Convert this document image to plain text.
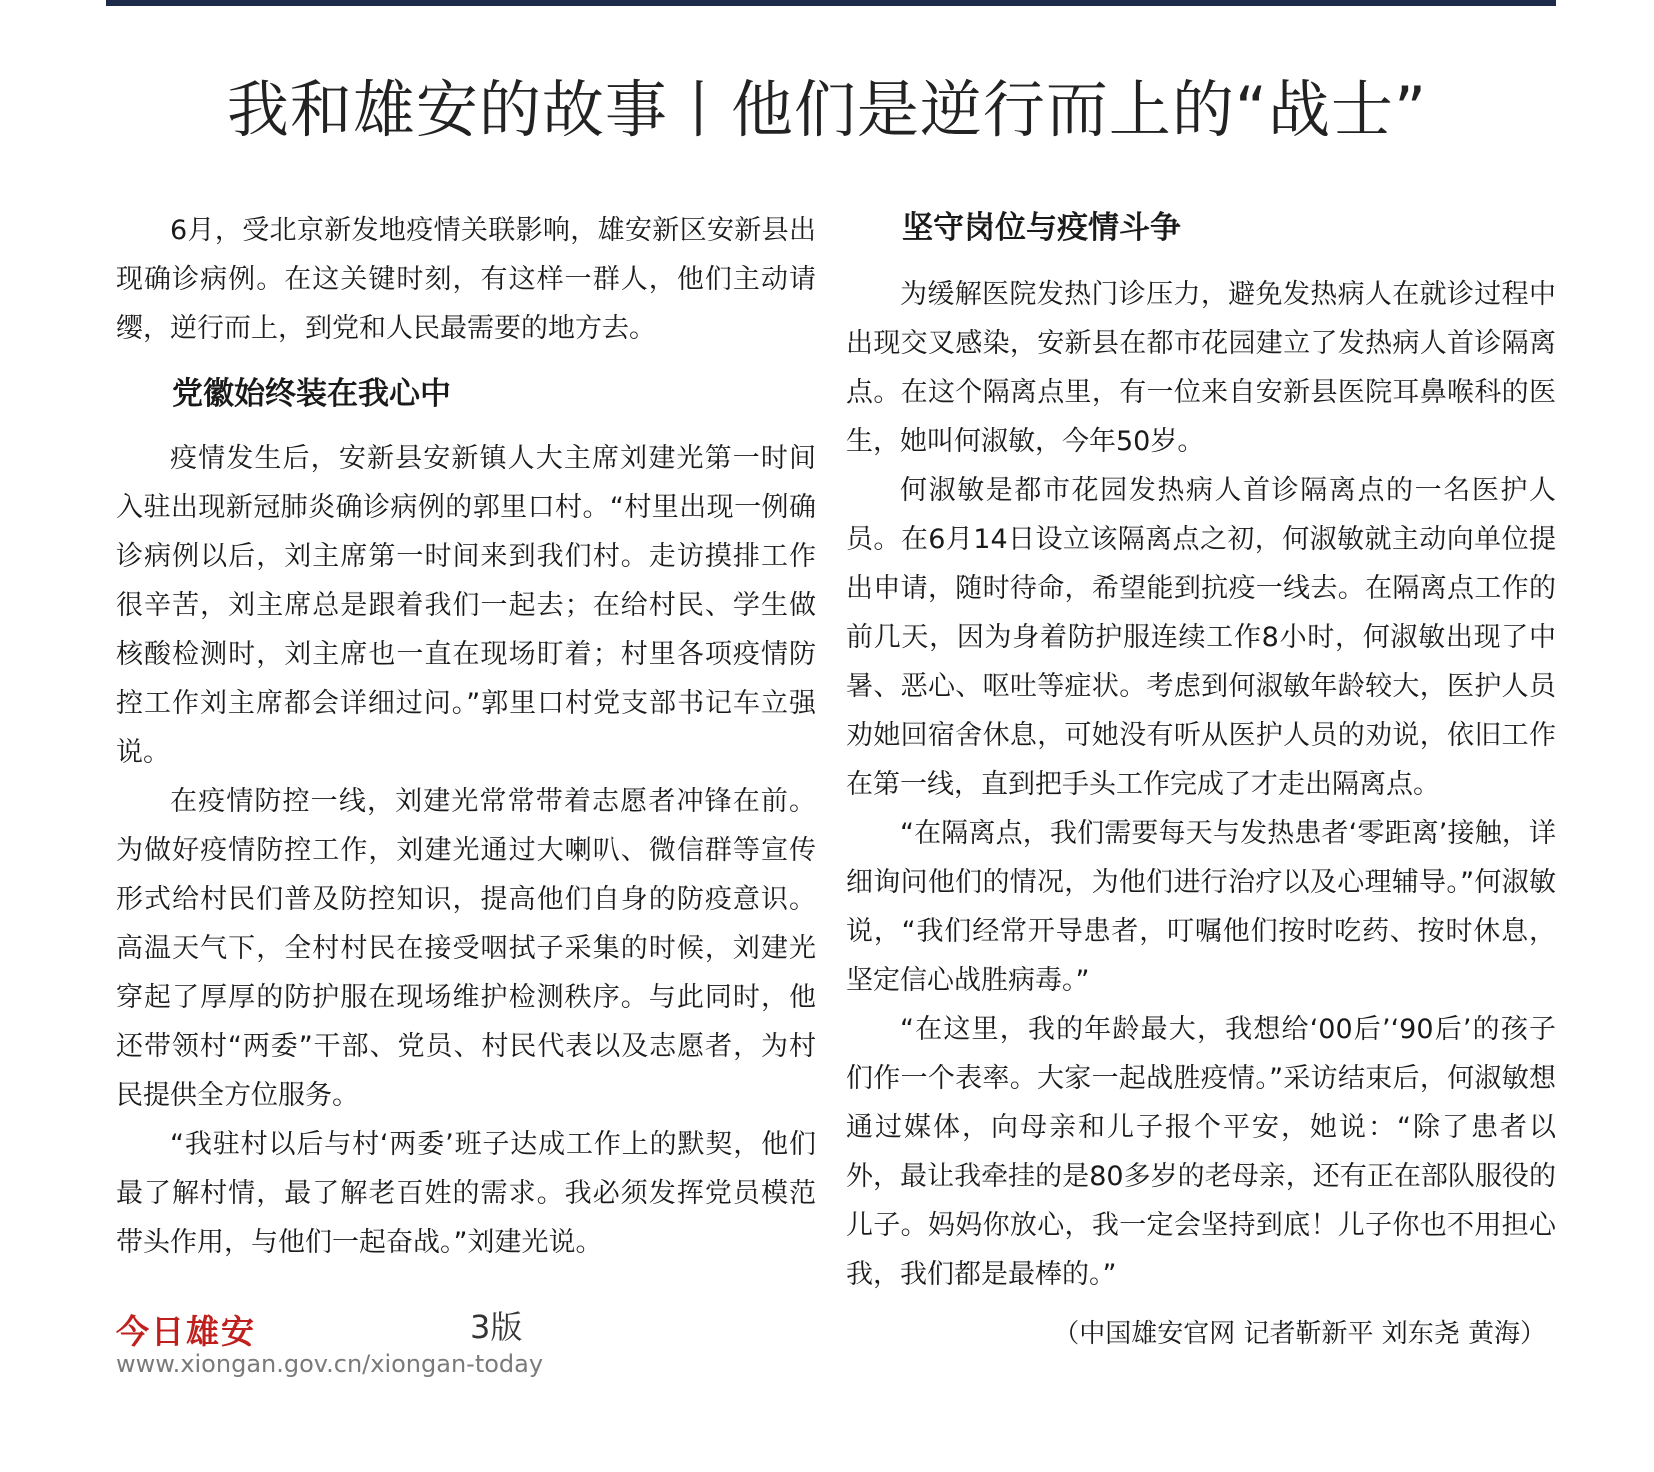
我和雄安的故事丨他们是逆行而上的“战士”

6月，受北京新发地疫情关联影响，雄安新区安新县出现确诊病例。在这关键时刻，有这样一群人，他们主动请缨，逆行而上，到党和人民最需要的地方去。

党徽始终装在我心中

疫情发生后，安新县安新镇人大主席刘建光第一时间入驻出现新冠肺炎确诊病例的郭里口村。“村里出现一例确诊病例以后，刘主席第一时间来到我们村。走访摸排工作很辛苦，刘主席总是跟着我们一起去；在给村民、学生做核酸检测时，刘主席也一直在现场盯着；村里各项疫情防控工作刘主席都会详细过问。”郭里口村党支部书记车立强说。

在疫情防控一线，刘建光常常带着志愿者冲锋在前。为做好疫情防控工作，刘建光通过大喇叭、微信群等宣传形式给村民们普及防控知识，提高他们自身的防疫意识。高温天气下，全村村民在接受咽拭子采集的时候，刘建光穿起了厚厚的防护服在现场维护检测秩序。与此同时，他还带领村“两委”干部、党员、村民代表以及志愿者，为村民提供全方位服务。

“我驻村以后与村‘两委’班子达成工作上的默契，他们最了解村情，最了解老百姓的需求。我必须发挥党员模范带头作用，与他们一起奋战。”刘建光说。

坚守岗位与疫情斗争

为缓解医院发热门诊压力，避免发热病人在就诊过程中出现交叉感染，安新县在都市花园建立了发热病人首诊隔离点。在这个隔离点里，有一位来自安新县医院耳鼻喉科的医生，她叫何淑敏，今年50岁。

何淑敏是都市花园发热病人首诊隔离点的一名医护人员。在6月14日设立该隔离点之初，何淑敏就主动向单位提出申请，随时待命，希望能到抗疫一线去。在隔离点工作的前几天，因为身着防护服连续工作8小时，何淑敏出现了中暑、恶心、呕吐等症状。考虑到何淑敏年龄较大，医护人员劝她回宿舍休息，可她没有听从医护人员的劝说，依旧工作在第一线，直到把手头工作完成了才走出隔离点。

“在隔离点，我们需要每天与发热患者‘零距离’接触，详细询问他们的情况，为他们进行治疗以及心理辅导。”何淑敏说，“我们经常开导患者，叮嘱他们按时吃药、按时休息，坚定信心战胜病毒。”

“在这里，我的年龄最大，我想给‘00后’‘90后’的孩子们作一个表率。大家一起战胜疫情。”采访结束后，何淑敏想通过媒体，向母亲和儿子报个平安，她说：“除了患者以外，最让我牵挂的是80多岁的老母亲，还有正在部队服役的儿子。妈妈你放心，我一定会坚持到底！儿子你也不用担心我，我们都是最棒的。”

（中国雄安官网 记者靳新平 刘东尧 黄海）
今日雄安	3版
www.xiongan.gov.cn/xiongan-today
